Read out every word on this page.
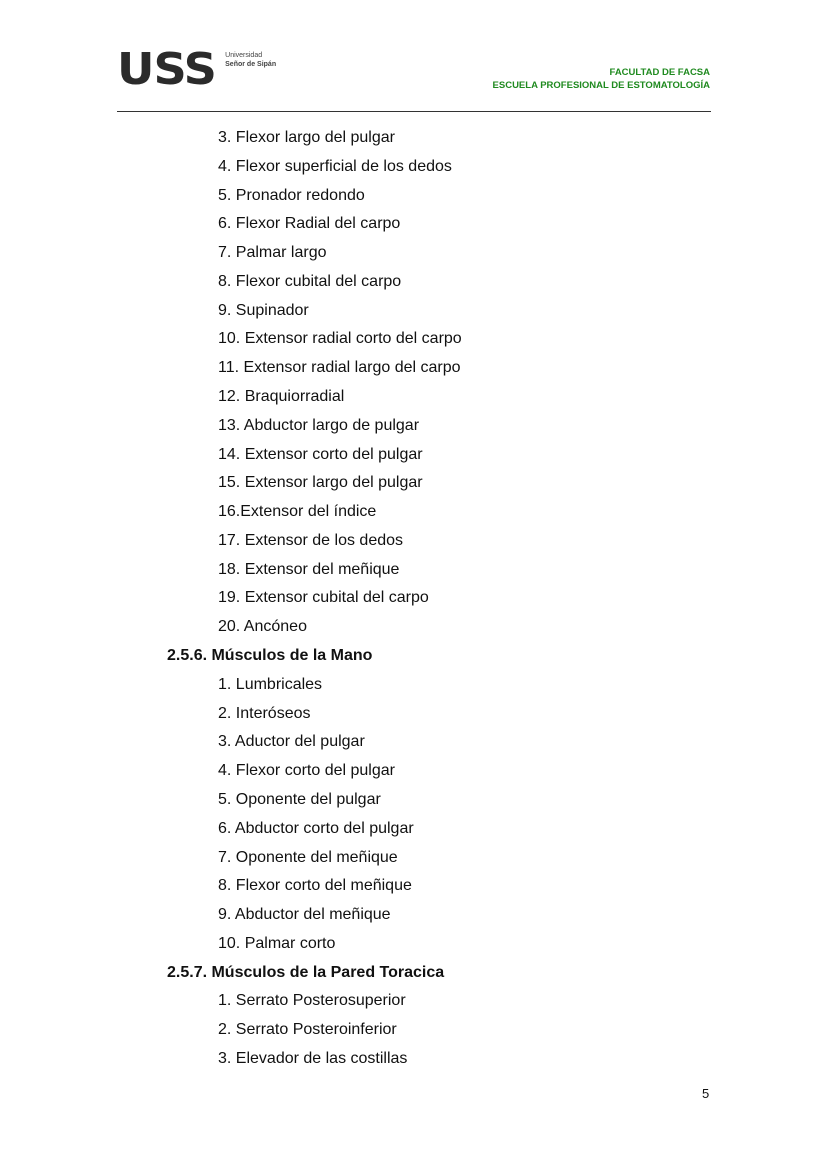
USS Universidad
Señor de Sipán
FACULTAD DE FACSA
ESCUELA PROFESIONAL DE ESTOMATOLOGÍA
3. Flexor largo del pulgar
4. Flexor superficial de los dedos
5. Pronador redondo
6. Flexor Radial del carpo
7. Palmar largo
8. Flexor cubital del carpo
9. Supinador
10. Extensor radial corto del carpo
11. Extensor radial largo del carpo
12. Braquiorradial
13. Abductor largo de pulgar
14. Extensor corto del pulgar
15. Extensor largo del pulgar
16.Extensor del índice
17. Extensor de los dedos
18. Extensor del meñique
19. Extensor cubital del carpo
20. Ancóneo
2.5.6. Músculos de la Mano
1. Lumbricales
2. Interóseos
3. Aductor del pulgar
4. Flexor corto del pulgar
5. Oponente del pulgar
6. Abductor corto del pulgar
7. Oponente del meñique
8. Flexor corto del meñique
9. Abductor del meñique
10. Palmar corto
2.5.7. Músculos de la Pared Toracica
1. Serrato Posterosuperior
2. Serrato Posteroinferior
3. Elevador de las costillas
5
